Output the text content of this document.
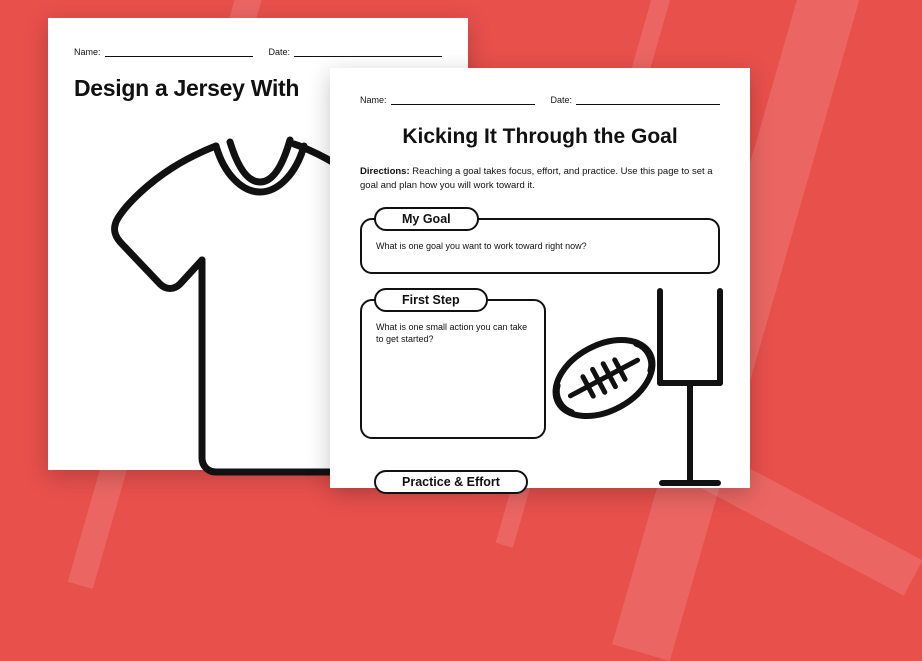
Name:	Date:
Design a Jersey With	Name:	Date:
Kicking It Through the Goal
Directions: Reaching a goal takes focus, effort, and practice. Use this page to set a goal and plan how you will work toward it.
My Goal
What is one goal you want to work toward right now?
First Step
What is one small action you can take to get started?
Practice & Effort
